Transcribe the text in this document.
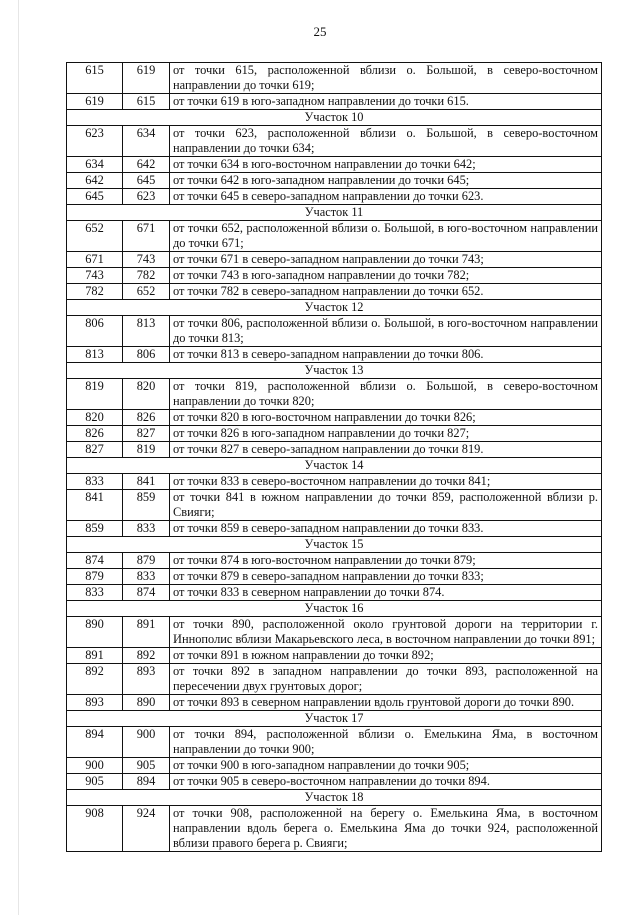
25
615	619	от точки 615, расположенной вблизи о. Большой, в северо-восточном направлении до точки 619;
619	615	от точки 619 в юго-западном направлении до точки 615.
Участок 10		
623	634	от точки 623, расположенной вблизи о. Большой, в северо-восточном направлении до точки 634;
634	642	от точки 634 в юго-восточном направлении до точки 642;
642	645	от точки 642 в юго-западном направлении до точки 645;
645	623	от точки 645 в северо-западном направлении до точки 623.
Участок 11		
652	671	от точки 652, расположенной вблизи о. Большой, в юго-восточном направлении до точки 671;
671	743	от точки 671 в северо-западном направлении до точки 743;
743	782	от точки 743 в юго-западном направлении до точки 782;
782	652	от точки 782 в северо-западном направлении до точки 652.
Участок 12		
806	813	от точки 806, расположенной вблизи о. Большой, в юго-восточном направлении до точки 813;
813	806	от точки 813 в северо-западном направлении до точки 806.
Участок 13		
819	820	от точки 819, расположенной вблизи о. Большой, в северо-восточном направлении до точки 820;
820	826	от точки 820 в юго-восточном направлении до точки 826;
826	827	от точки 826 в юго-западном направлении до точки 827;
827	819	от точки 827 в северо-западном направлении до точки 819.
Участок 14		
833	841	от точки 833 в северо-восточном направлении до точки 841;
841	859	от точки 841 в южном направлении до точки 859, расположенной вблизи р. Свияги;
859	833	от точки 859 в северо-западном направлении до точки 833.
Участок 15		
874	879	от точки 874 в юго-восточном направлении до точки 879;
879	833	от точки 879 в северо-западном направлении до точки 833;
833	874	от точки 833 в северном направлении до точки 874.
Участок 16		
890	891	от точки 890, расположенной около грунтовой дороги на территории г. Иннополис вблизи Макарьевского леса, в восточном направлении до точки 891;
891	892	от точки 891 в южном направлении до точки 892;
892	893	от точки 892 в западном направлении до точки 893, расположенной на пересечении двух грунтовых дорог;
893	890	от точки 893 в северном направлении вдоль грунтовой дороги до точки 890.
Участок 17		
894	900	от точки 894, расположенной вблизи о. Емелькина Яма, в восточном направлении до точки 900;
900	905	от точки 900 в юго-западном направлении до точки 905;
905	894	от точки 905 в северо-восточном направлении до точки 894.
Участок 18		
908	924	от точки 908, расположенной на берегу о. Емелькина Яма, в восточном направлении вдоль берега о. Емелькина Яма до точки 924, расположенной вблизи правого берега р. Свияги;
